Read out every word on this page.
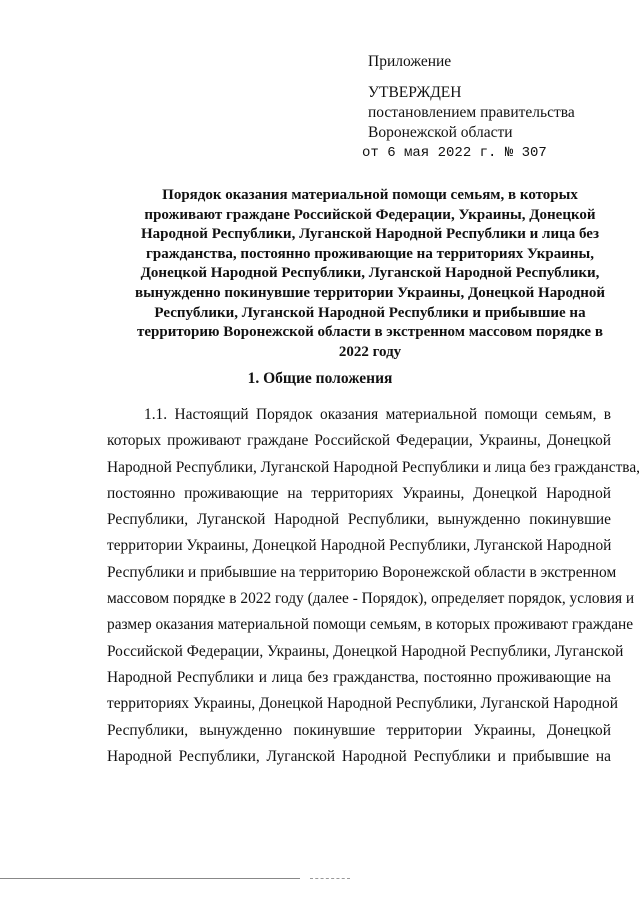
Приложение
УТВЕРЖДЕН
постановлением правительства
Воронежской области
от 6 мая 2022 г. № 307
Порядок оказания материальной помощи семьям, в которых
проживают граждане Российской Федерации, Украины, Донецкой
Народной Республики, Луганской Народной Республики и лица без
гражданства, постоянно проживающие на территориях Украины,
Донецкой Народной Республики, Луганской Народной Республики,
вынужденно покинувшие территории Украины, Донецкой Народной
Республики, Луганской Народной Республики и прибывшие на
территорию Воронежской области в экстренном массовом порядке в
2022 году
1. Общие положения
1.1. Настоящий Порядок оказания материальной помощи семьям, в
которых проживают граждане Российской Федерации, Украины, Донецкой
Народной Республики, Луганской Народной Республики и лица без гражданства,
постоянно проживающие на территориях Украины, Донецкой Народной
Республики, Луганской Народной Республики, вынужденно покинувшие
территории Украины, Донецкой Народной Республики, Луганской Народной
Республики и прибывшие на территорию Воронежской области в экстренном
массовом порядке в 2022 году (далее - Порядок), определяет порядок, условия и
размер оказания материальной помощи семьям, в которых проживают граждане
Российской Федерации, Украины, Донецкой Народной Республики, Луганской
Народной Республики и лица без гражданства, постоянно проживающие на
территориях Украины, Донецкой Народной Республики, Луганской Народной
Республики, вынужденно покинувшие территории Украины, Донецкой
Народной Республики, Луганской Народной Республики и прибывшие на
